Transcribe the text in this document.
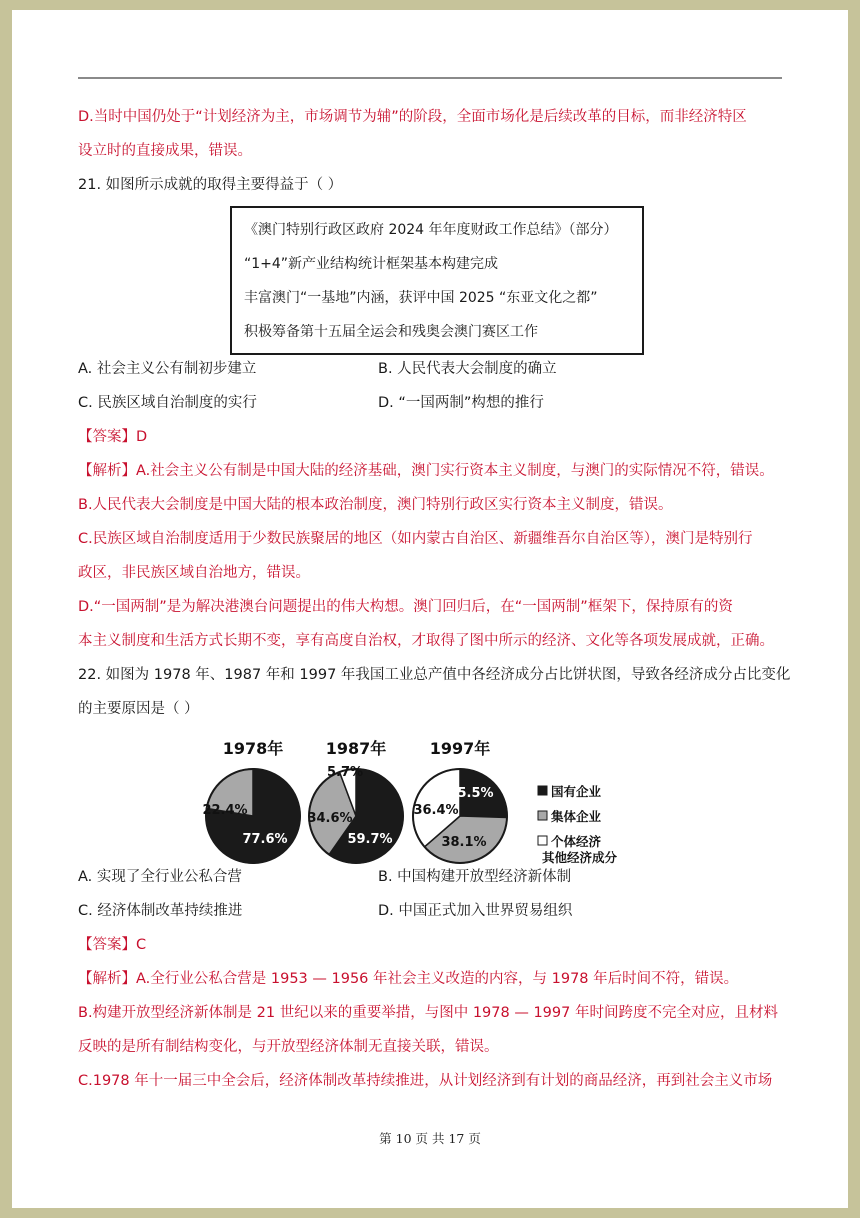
D.当时中国仍处于“计划经济为主，市场调节为辅”的阶段，全面市场化是后续改革的目标，而非经济特区
设立时的直接成果，错误。
21. 如图所示成就的取得主要得益于（ ）
《澳门特别行政区政府 2024 年年度财政工作总结》（部分）
“1+4”新产业结构统计框架基本构建完成
丰富澳门“一基地”内涵，获评中国 2025 “东亚文化之都”
积极筹备第十五届全运会和残奥会澳门赛区工作
A. 社会主义公有制初步建立	B. 人民代表大会制度的确立
C. 民族区域自治制度的实行	D. “一国两制”构想的推行
【答案】D
【解析】A.社会主义公有制是中国大陆的经济基础，澳门实行资本主义制度，与澳门的实际情况不符，错误。
B.人民代表大会制度是中国大陆的根本政治制度，澳门特别行政区实行资本主义制度，错误。
C.民族区域自治制度适用于少数民族聚居的地区（如内蒙古自治区、新疆维吾尔自治区等），澳门是特别行
政区，非民族区域自治地方，错误。
D.“一国两制”是为解决港澳台问题提出的伟大构想。澳门回归后，在“一国两制”框架下，保持原有的资
本主义制度和生活方式长期不变，享有高度自治权，才取得了图中所示的经济、文化等各项发展成就，正确。
22. 如图为 1978 年、1987 年和 1997 年我国工业总产值中各经济成分占比饼状图，导致各经济成分占比变化
的主要原因是（ ）
1978年
77.6%
22.4%
1987年
59.7%
34.6%
5.7%
1997年
25.5%
38.1%
36.4%
国有企业
集体企业
个体经济
其他经济成分
A. 实现了全行业公私合营	B. 中国构建开放型经济新体制
C. 经济体制改革持续推进	D. 中国正式加入世界贸易组织
【答案】C
【解析】A.全行业公私合营是 1953 — 1956 年社会主义改造的内容，与 1978 年后时间不符，错误。
B.构建开放型经济新体制是 21 世纪以来的重要举措，与图中 1978 — 1997 年时间跨度不完全对应，且材料
反映的是所有制结构变化，与开放型经济体制无直接关联，错误。
C.1978 年十一届三中全会后，经济体制改革持续推进，从计划经济到有计划的商品经济，再到社会主义市场
第 10 页 共 17 页
